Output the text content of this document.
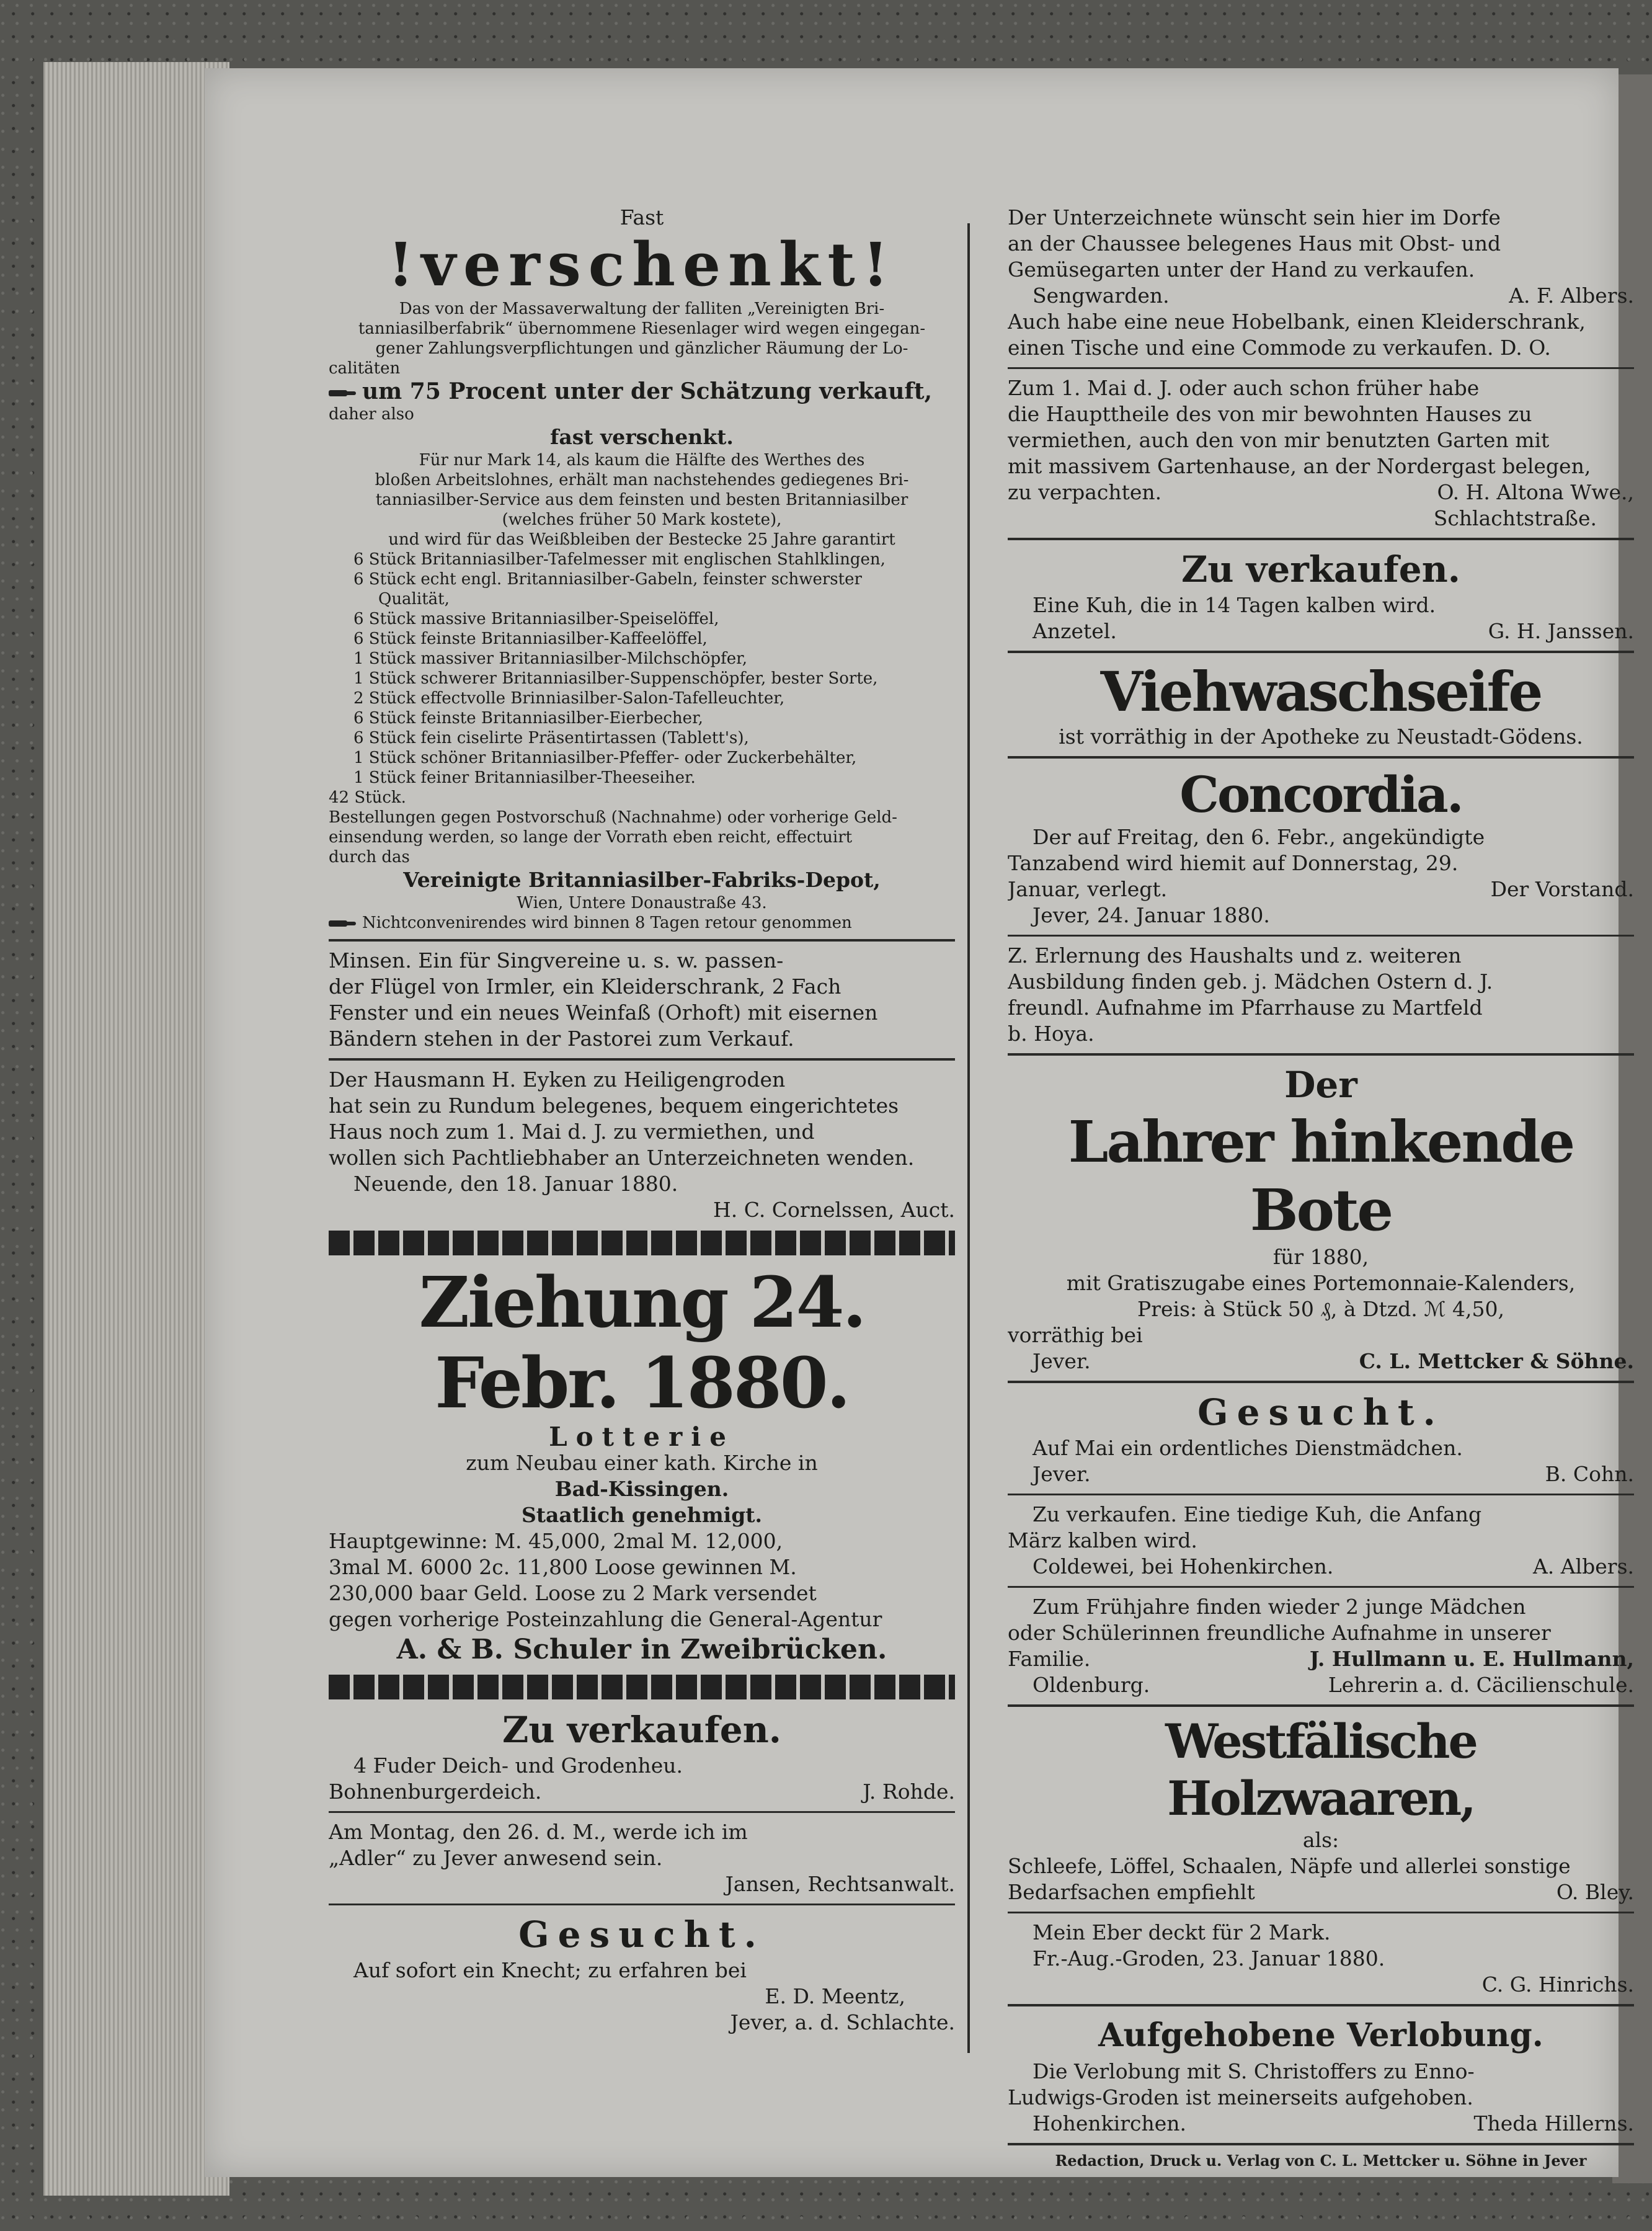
Fast
!verschenkt!
Das von der Massaverwaltung der falliten „Vereinigten Bri-
tanniasilberfabrik“ übernommene Riesenlager wird wegen eingegan-
gener Zahlungsverpflichtungen und gänzlicher Räumung der Lo-
calitäten
um 75 Procent unter der Schätzung verkauft,
daher also
fast verschenkt.
Für nur Mark 14, als kaum die Hälfte des Werthes des
bloßen Arbeitslohnes, erhält man nachstehendes gediegenes Bri-
tanniasilber-Service aus dem feinsten und besten Britanniasilber
(welches früher 50 Mark kostete),
und wird für das Weißbleiben der Bestecke 25 Jahre garantirt
6 Stück Britanniasilber-Tafelmesser mit englischen Stahlklingen,
6 Stück echt engl. Britanniasilber-Gabeln, feinster schwerster
Qualität,
6 Stück massive Britanniasilber-Speiselöffel,
6 Stück feinste Britanniasilber-Kaffeelöffel,
1 Stück massiver Britanniasilber-Milchschöpfer,
1 Stück schwerer Britanniasilber-Suppenschöpfer, bester Sorte,
2 Stück effectvolle Brinniasilber-Salon-Tafelleuchter,
6 Stück feinste Britanniasilber-Eierbecher,
6 Stück fein ciselirte Präsentirtassen (Tablett's),
1 Stück schöner Britanniasilber-Pfeffer- oder Zuckerbehälter,
1 Stück feiner Britanniasilber-Theeseiher.
42 Stück.
Bestellungen gegen Postvorschuß (Nachnahme) oder vorherige Geld-
einsendung werden, so lange der Vorrath eben reicht, effectuirt
durch das
Vereinigte Britanniasilber-Fabriks-Depot,
Wien, Untere Donaustraße 43.
Nichtconvenirendes wird binnen 8 Tagen retour genommen
Minsen. Ein für Singvereine u. s. w. passen-
der Flügel von Irmler, ein Kleiderschrank, 2 Fach
Fenster und ein neues Weinfaß (Orhoft) mit eisernen
Bändern stehen in der Pastorei zum Verkauf.
Der Hausmann H. Eyken zu Heiligengroden
hat sein zu Rundum belegenes, bequem eingerichtetes
Haus noch zum 1. Mai d. J. zu vermiethen, und
wollen sich Pachtliebhaber an Unterzeichneten wenden.
Neuende, den 18. Januar 1880.
H. C. Cornelssen, Auct.
Ziehung 24. Febr. 1880.
Lotterie
zum Neubau einer kath. Kirche in
Bad-Kissingen.
Staatlich genehmigt.
Hauptgewinne: M. 45,000, 2mal M. 12,000,
3mal M. 6000 2c. 11,800 Loose gewinnen M.
230,000 baar Geld. Loose zu 2 Mark versendet
gegen vorherige Posteinzahlung die General-Agentur
A. & B. Schuler in Zweibrücken.
Zu verkaufen.
4 Fuder Deich- und Grodenheu.
Bohnenburgerdeich.	J. Rohde.
Am Montag, den 26. d. M., werde ich im
„Adler“ zu Jever anwesend sein.
Jansen, Rechtsanwalt.
Gesucht.
Auf sofort ein Knecht; zu erfahren bei
E. D. Meentz,
Jever, a. d. Schlachte.
Der Unterzeichnete wünscht sein hier im Dorfe
an der Chaussee belegenes Haus mit Obst- und
Gemüsegarten unter der Hand zu verkaufen.
Sengwarden.	A. F. Albers.
Auch habe eine neue Hobelbank, einen Kleiderschrank,
einen Tische und eine Commode zu verkaufen. D. O.
Zum 1. Mai d. J. oder auch schon früher habe
die Haupttheile des von mir bewohnten Hauses zu
vermiethen, auch den von mir benutzten Garten mit
mit massivem Gartenhause, an der Nordergast belegen,
zu verpachten.	O. H. Altona Wwe.,
Schlachtstraße.
Zu verkaufen.
Eine Kuh, die in 14 Tagen kalben wird.
Anzetel.	G. H. Janssen.
Viehwaschseife
ist vorräthig in der Apotheke zu Neustadt-Gödens.
Concordia.
Der auf Freitag, den 6. Febr., angekündigte
Tanzabend wird hiemit auf Donnerstag, 29.
Januar, verlegt.	Der Vorstand.
Jever, 24. Januar 1880.
Z. Erlernung des Haushalts und z. weiteren
Ausbildung finden geb. j. Mädchen Ostern d. J.
freundl. Aufnahme im Pfarrhause zu Martfeld
b. Hoya.
Der
Lahrer hinkende Bote
für 1880,
mit Gratiszugabe eines Portemonnaie-Kalenders,
Preis: à Stück 50 ₰, à Dtzd. ℳ 4,50,
vorräthig bei
Jever.	C. L. Mettcker & Söhne.
Gesucht.
Auf Mai ein ordentliches Dienstmädchen.
Jever.	B. Cohn.
Zu verkaufen. Eine tiedige Kuh, die Anfang
März kalben wird.
Coldewei, bei Hohenkirchen.	A. Albers.
Zum Frühjahre finden wieder 2 junge Mädchen
oder Schülerinnen freundliche Aufnahme in unserer
Familie.	J. Hullmann u. E. Hullmann,
Oldenburg.	Lehrerin a. d. Cäcilienschule.
Westfälische Holzwaaren,
als:
Schleefe, Löffel, Schaalen, Näpfe und allerlei sonstige
Bedarfsachen empfiehlt	O. Bley.
Mein Eber deckt für 2 Mark.
Fr.-Aug.-Groden, 23. Januar 1880.
C. G. Hinrichs.
Aufgehobene Verlobung.
Die Verlobung mit S. Christoffers zu Enno-
Ludwigs-Groden ist meinerseits aufgehoben.
Hohenkirchen.	Theda Hillerns.
Redaction, Druck u. Verlag von C. L. Mettcker u. Söhne in Jever
